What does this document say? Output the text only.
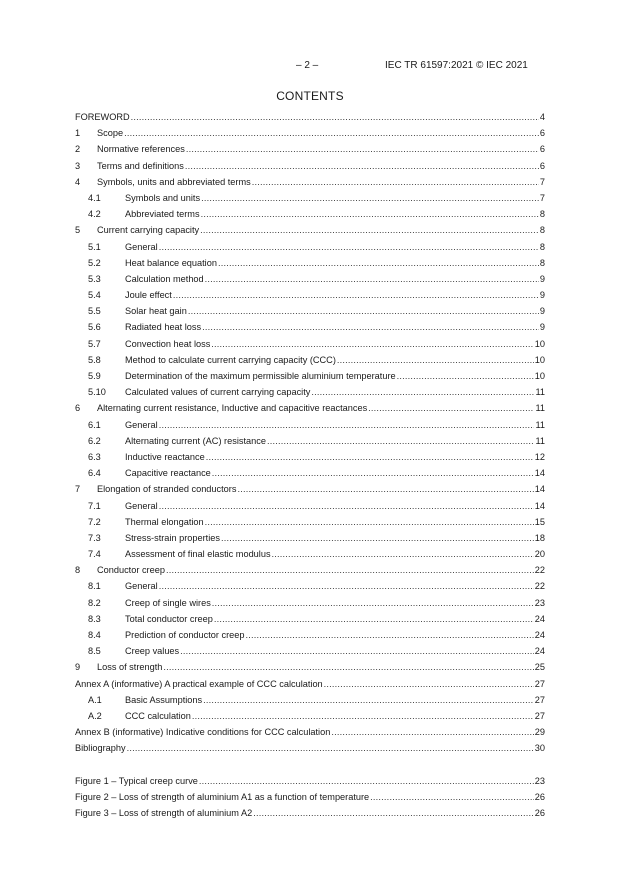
– 2 –	IEC TR 61597:2021 © IEC 2021
CONTENTS
FOREWORD .....	4
1	Scope .....	6
2	Normative references .....	6
3	Terms and definitions .....	6
4	Symbols, units and abbreviated terms .....	7
4.1	Symbols and units .....	7
4.2	Abbreviated terms .....	8
5	Current carrying capacity .....	8
5.1	General .....	8
5.2	Heat balance equation .....	8
5.3	Calculation method .....	9
5.4	Joule effect .....	9
5.5	Solar heat gain .....	9
5.6	Radiated heat loss .....	9
5.7	Convection heat loss .....	10
5.8	Method to calculate current carrying capacity (CCC) .....	10
5.9	Determination of the maximum permissible aluminium temperature .....	10
5.10	Calculated values of current carrying capacity .....	11
6	Alternating current resistance, Inductive and capacitive reactances .....	11
6.1	General .....	11
6.2	Alternating current (AC) resistance .....	11
6.3	Inductive reactance .....	12
6.4	Capacitive reactance .....	14
7	Elongation of stranded conductors .....	14
7.1	General .....	14
7.2	Thermal elongation .....	15
7.3	Stress-strain properties .....	18
7.4	Assessment of final elastic modulus .....	20
8	Conductor creep .....	22
8.1	General .....	22
8.2	Creep of single wires .....	23
8.3	Total conductor creep .....	24
8.4	Prediction of conductor creep .....	24
8.5	Creep values .....	24
9	Loss of strength .....	25
Annex A (informative) A practical example of CCC calculation .....	27
A.1	Basic Assumptions .....	27
A.2	CCC calculation .....	27
Annex B (informative) Indicative conditions for CCC calculation .....	29
Bibliography .....	30
Figure 1 – Typical creep curve .....	23
Figure 2 – Loss of strength of aluminium A1 as a function of temperature .....	26
Figure 3 – Loss of strength of aluminium A2 .....	26
